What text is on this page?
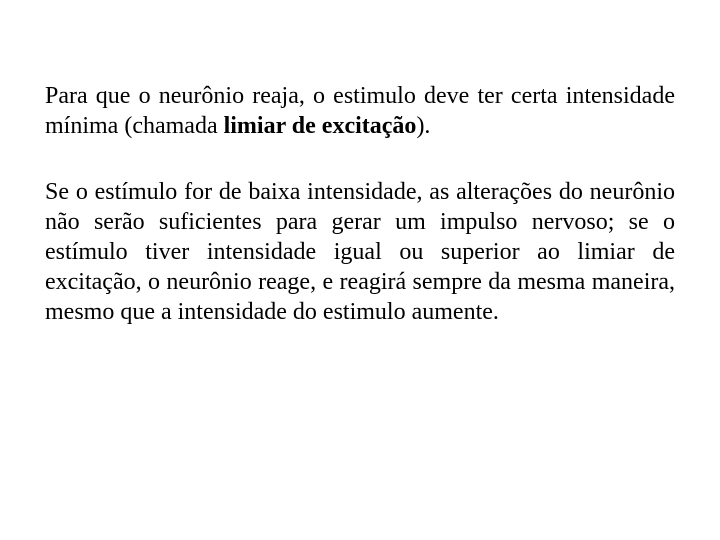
Para que o neurônio reaja, o estimulo deve ter certa intensidade mínima (chamada limiar de excitação).

Se o estímulo for de baixa intensidade, as alterações do neurônio não serão suficientes para gerar um impulso nervoso; se o estímulo tiver intensidade igual ou superior ao limiar de excitação, o neurônio reage, e reagirá sempre da mesma maneira, mesmo que a intensidade do estimulo aumente.
